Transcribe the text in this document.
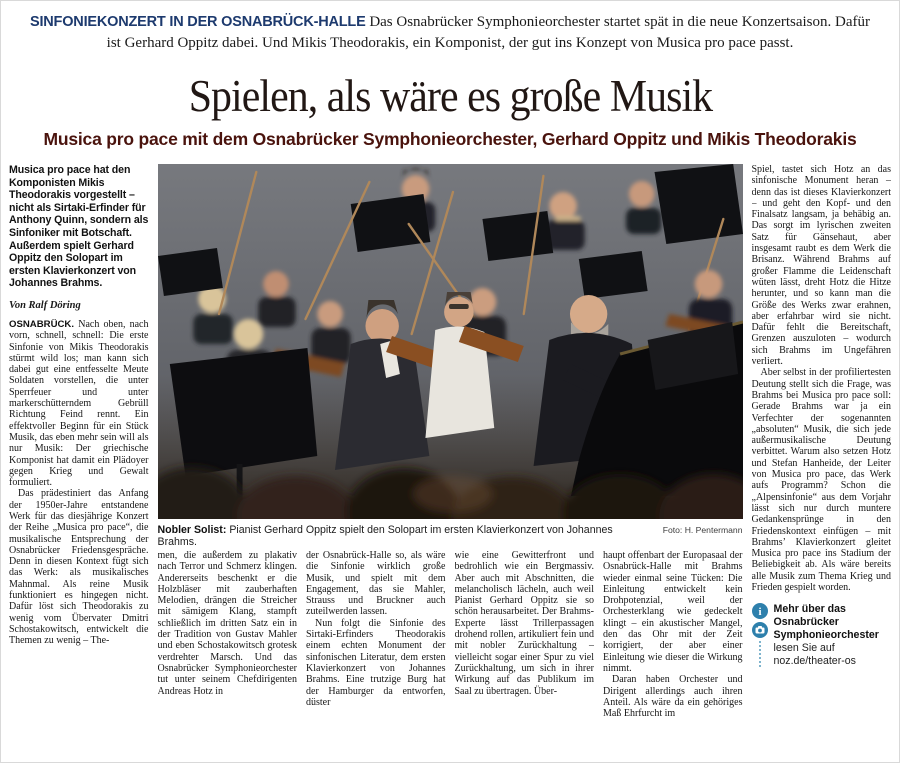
SINFONIEKONZERT IN DER OSNABRÜCK-HALLE Das Osnabrücker Symphonieorchester startet spät in die neue Konzertsaison. Dafür ist Gerhard Oppitz dabei. Und Mikis Theodorakis, ein Komponist, der gut ins Konzept von Musica pro pace passt.

Spielen, als wäre es große Musik
Musica pro pace mit dem Osnabrücker Symphonieorchester, Gerhard Oppitz und Mikis Theodorakis

Musica pro pace hat den Komponisten Mikis Theodorakis vorgestellt – nicht als Sirtaki-Erfinder für Anthony Quinn, sondern als Sinfoniker mit Botschaft. Außerdem spielt Gerhard Oppitz den Solopart im ersten Klavierkonzert von Johannes Brahms.

Von Ralf Döring

OSNABRÜCK. Nach oben, nach vorn, schnell, schnell: Die erste Sinfonie von Mikis Theodorakis stürmt wild los; man kann sich dabei gut eine entfesselte Meute Soldaten vorstellen, die unter Sperrfeuer und unter markerschütterndem Gebrüll Richtung Feind rennt. Ein effektvoller Beginn für ein Stück Musik, das eben mehr sein will als nur Musik: Der griechische Komponist hat damit ein Plädoyer gegen Krieg und Gewalt formuliert.

Das prädestiniert das Anfang der 1950er-Jahre entstandene Werk für das diesjährige Konzert der Reihe „Musica pro pace“, die musikalische Entsprechung der Osnabrücker Friedensgespräche. Denn in diesen Kontext fügt sich das Werk: als musikalisches Mahnmal. Als reine Musik funktioniert es hingegen nicht. Dafür löst sich Theodorakis zu wenig vom Übervater Dmitri Schostakowitsch, entwickelt die Themen zu wenig – The-

Nobler Solist: Pianist Gerhard Oppitz spielt den Solopart im ersten Klavierkonzert von Johannes Brahms.
Foto: H. Pentermann

men, die außerdem zu plakativ nach Terror und Schmerz klingen. Andererseits beschenkt er die Holzbläser mit zauberhaften Melodien, drängen die Streicher mit sämigem Klang, stampft schließlich im dritten Satz ein in der Tradition von Gustav Mahler und eben Schostakowitsch grotesk verdrehter Marsch. Und das Osnabrücker Symphonieorchester tut unter seinem Chefdirigenten Andreas Hotz in

der Osnabrück-Halle so, als wäre die Sinfonie wirklich große Musik, und spielt mit dem Engagement, das sie Mahler, Strauss und Bruckner auch zuteilwerden lassen.

Nun folgt die Sinfonie des Sirtaki-Erfinders Theodorakis einem echten Monument der sinfonischen Literatur, dem ersten Klavierkonzert von Johannes Brahms. Eine trutzige Burg hat der Hamburger da entworfen, düster

wie eine Gewitterfront und bedrohlich wie ein Bergmassiv. Aber auch mit Abschnitten, die melancholisch lächeln, auch weil Pianist Gerhard Oppitz sie so schön herausarbeitet. Der Brahms-Experte lässt Trillerpassagen drohend rollen, artikuliert fein und mit nobler Zurückhaltung – vielleicht sogar einer Spur zu viel Zurückhaltung, um sich in ihrer Wirkung auf das Publikum im Saal zu übertragen. Über-

haupt offenbart der Europasaal der Osnabrück-Halle mit Brahms wieder einmal seine Tücken: Die Einleitung entwickelt kein Drohpotenzial, weil der Orchesterklang wie gedeckelt klingt – ein akustischer Mangel, den das Ohr mit der Zeit korrigiert, der aber einer Einleitung wie dieser die Wirkung nimmt.

Daran haben Orchester und Dirigent allerdings auch ihren Anteil. Als wäre da ein gehöriges Maß Ehrfurcht im

Spiel, tastet sich Hotz an das sinfonische Monument heran – denn das ist dieses Klavierkonzert – und geht den Kopf- und den Finalsatz langsam, ja behäbig an. Das sorgt im lyrischen zweiten Satz für Gänsehaut, aber insgesamt raubt es dem Werk die Brisanz. Während Brahms auf großer Flamme die Leidenschaft wüten lässt, dreht Hotz die Hitze herunter, und so kann man die Größe des Werks zwar erahnen, aber erfahrbar wird sie nicht. Dafür fehlt die Bereitschaft, Grenzen auszuloten – wodurch sich Brahms im Ungefähren verliert.

Aber selbst in der profiliertesten Deutung stellt sich die Frage, was Brahms bei Musica pro pace soll: Gerade Brahms war ja ein Verfechter der sogenannten „absoluten“ Musik, die sich jede außermusikalische Deutung verbittet. Warum also setzen Hotz und Stefan Hanheide, der Leiter von Musica pro pace, das Werk aufs Programm? Schon die „Alpensinfonie“ aus dem Vorjahr lässt sich nur durch muntere Gedankensprünge in den Friedenskontext einfügen – mit Brahms’ Klavierkonzert gleitet Musica pro pace ins Stadium der Beliebigkeit ab. Als wäre bereits alle Musik zum Thema Krieg und Frieden gespielt worden.

i Mehr über das Osnabrücker Symphonieorchester lesen Sie auf noz.de/theater-os
